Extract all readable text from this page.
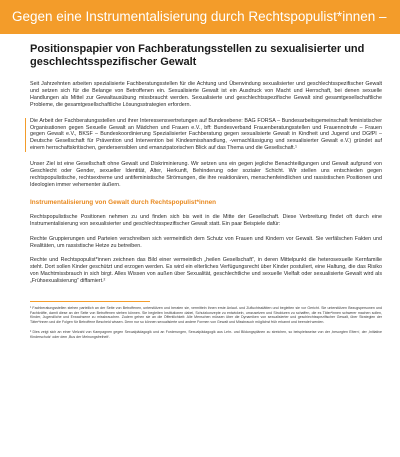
Gegen eine Instrumentalisierung durch Rechtspopulist*innen –
Positionspapier von Fachberatungsstellen zu sexualisierter und geschlechtsspezifischer Gewalt

Seit Jahrzehnten arbeiten spezialisierte Fachberatungsstellen für die Achtung und Überwindung sexualisierter und geschlechtsspezifischer Gewalt und setzen sich für die Belange von Betroffenen ein. Sexualisierte Gewalt ist ein Ausdruck von Macht und Herrschaft, bei denen sexuelle Handlungen als Mittel zur Gewaltausübung missbraucht werden. Sexualisierte und geschlechtsspezifische Gewalt sind gesamtgesellschaftliche Probleme, die gesamtgesellschaftliche Lösungsstrategien erfordern.

Die Arbeit der Fachberatungsstellen und ihrer Interessensvertretungen auf Bundesebene: BAG FORSA – Bundesarbeitsgemeinschaft feministischer Organisationen gegen Sexuelle Gewalt an Mädchen und Frauen e.V., bff: Bundesverband Frauenberatungsstellen und Frauennotrufe – Frauen gegen Gewalt e.V., BKSF – Bundeskoordinierung Spezialisierter Fachberatung gegen sexualisierte Gewalt in Kindheit und Jugend und DGfPI – Deutsche Gesellschaft für Prävention und Intervention bei Kindesmisshandlung, -vernachlässigung und sexualisierter Gewalt e.V.) gründet auf einem herrschaftskritischen, gendersensiblen und emanzipatorischen Blick auf das Thema und die Gesellschaft.¹

Unser Ziel ist eine Gesellschaft ohne Gewalt und Diskriminierung. Wir setzen uns ein gegen jegliche Benachteiligungen und Gewalt aufgrund von Geschlecht oder Gender, sexueller Identität, Alter, Herkunft, Behinderung oder sozialer Schicht. Wir stellen uns entschieden gegen rechtspopulistische, rechtsextreme und antifeministische Strömungen, die ihre reaktionären, menschenfeindlichen und rassistischen Positionen und Ideologien immer vehementer äußern.

Instrumentalisierung von Gewalt durch Rechtspopulist*innen

Rechtspopulistische Positionen nehmen zu und finden sich bis weit in die Mitte der Gesellschaft. Diese Verbreitung findet oft durch eine Instrumentalisierung von sexualisierter und geschlechtsspezifischer Gewalt statt. Ein paar Beispiele dafür:

Rechte Gruppierungen und Parteien verschreiben sich vermeintlich dem Schutz von Frauen und Kindern vor Gewalt. Sie verfälschen Fakten und Realitäten, um rassistische Hetze zu betreiben.

Rechte und Rechtspopulist*innen zeichnen das Bild einer vermeintlich „heilen Gesellschaft“, in deren Mittelpunkt die heterosexuelle Kernfamilie steht. Dort sollen Kinder geschützt und erzogen werden. Es wird ein elterliches Verfügungsrecht über Kinder postuliert, eine Haltung, die das Risiko von Machtmissbrauch in sich birgt. Alles Wissen von außen über Sexualität, geschlechtliche und sexuelle Vielfalt oder sexualisierte Gewalt wird als „Frühsexualisierung“ diffamiert.²

¹ Fachberatungsstellen stehen parteilich an der Seite von Betroffenen, unterstützen und beraten sie, vermitteln ihnen erste Anlauf- und Zufluchtsstätten und begleiten sie vor Gericht. Sie unterstützen Bezugspersonen und Fachkräfte, damit diese an der Seite von Betroffenen stehen können. Sie begleiten Institutionen dabei, Schutzkonzepte zu entwickeln, umzusetzen und Strukturen zu schaffen, die es Täter*innen schwerer machen sollen, Kinder, Jugendliche und Erwachsene zu missbrauchen. Zudem gehen sie an die Öffentlichkeit: Alle Menschen müssen über die Dynamiken von sexualisierter und geschlechtsspezifischer Gewalt, über Strategien der Täter*innen und die Folgen für Betroffene Bescheid wissen. Denn nur so können sexualisierte und andere Formen von Gewalt und Missbrauch möglichst früh erkannt und beendet werden.

² Dies zeigt sich an einer Vielzahl von Kampagnen gegen Sexualpädagogik und an Forderungen, Sexualpädagogik aus Lehr- und Bildungsplänen zu streichen, so beispielsweise von der ‚besorgten Eltern‘, der ‚Initiative Kinderschutz‘ oder dem ‚Bus der Meinungsfreiheit‘.
